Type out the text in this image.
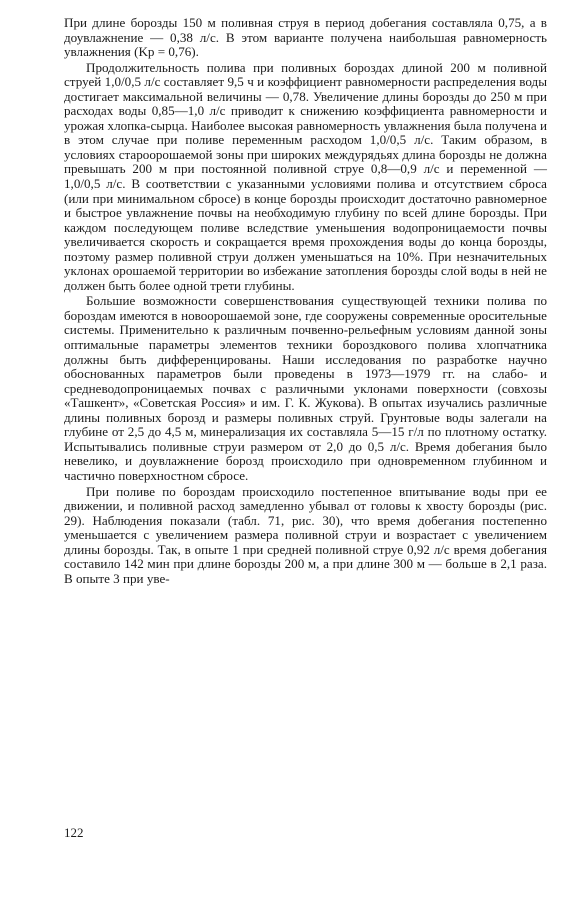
При длине борозды 150 м поливная струя в период добегания составляла 0,75, а в доувлажнение — 0,38 л/с. В этом варианте получена наибольшая равномерность увлажнения (Kр = 0,76).

Продолжительность полива при поливных бороздах длиной 200 м поливной струей 1,0/0,5 л/с составляет 9,5 ч и коэффициент равномерности распределения воды достигает максимальной величины — 0,78. Увеличение длины борозды до 250 м при расходах воды 0,85—1,0 л/с приводит к снижению коэффициента равномерности и урожая хлопка-сырца. Наиболее высокая равномерность увлажнения была получена и в этом случае при поливе переменным расходом 1,0/0,5 л/с. Таким образом, в условиях староорошаемой зоны при широких междурядьях длина борозды не должна превышать 200 м при постоянной поливной струе 0,8—0,9 л/с и переменной — 1,0/0,5 л/с. В соответствии с указанными условиями полива и отсутствием сброса (или при минимальном сбросе) в конце борозды происходит достаточно равномерное и быстрое увлажнение почвы на необходимую глубину по всей длине борозды. При каждом последующем поливе вследствие уменьшения водопроницаемости почвы увеличивается скорость и сокращается время прохождения воды до конца борозды, поэтому размер поливной струи должен уменьшаться на 10%. При незначительных уклонах орошаемой территории во избежание затопления борозды слой воды в ней не должен быть более одной трети глубины.

Большие возможности совершенствования существующей техники полива по бороздам имеются в новоорошаемой зоне, где сооружены современные оросительные системы. Применительно к различным почвенно-рельефным условиям данной зоны оптимальные параметры элементов техники бороздкового полива хлопчатника должны быть дифференцированы. Наши исследования по разработке научно обоснованных параметров были проведены в 1973—1979 гг. на слабо- и средневодопроницаемых почвах с различными уклонами поверхности (совхозы «Ташкент», «Советская Россия» и им. Г. К. Жукова). В опытах изучались различные длины поливных борозд и размеры поливных струй. Грунтовые воды залегали на глубине от 2,5 до 4,5 м, минерализация их составляла 5—15 г/л по плотному остатку. Испытывались поливные струи размером от 2,0 до 0,5 л/с. Время добегания было невелико, и доувлажнение борозд происходило при одновременном глубинном и частично поверхностном сбросе.

При поливе по бороздам происходило постепенное впитывание воды при ее движении, и поливной расход замедленно убывал от головы к хвосту борозды (рис. 29). Наблюдения показали (табл. 71, рис. 30), что время добегания постепенно уменьшается с увеличением размера поливной струи и возрастает с увеличением длины борозды. Так, в опыте 1 при средней поливной струе 0,92 л/с время добегания составило 142 мин при длине борозды 200 м, а при длине 300 м — больше в 2,1 раза. В опыте 3 при уве-

122
